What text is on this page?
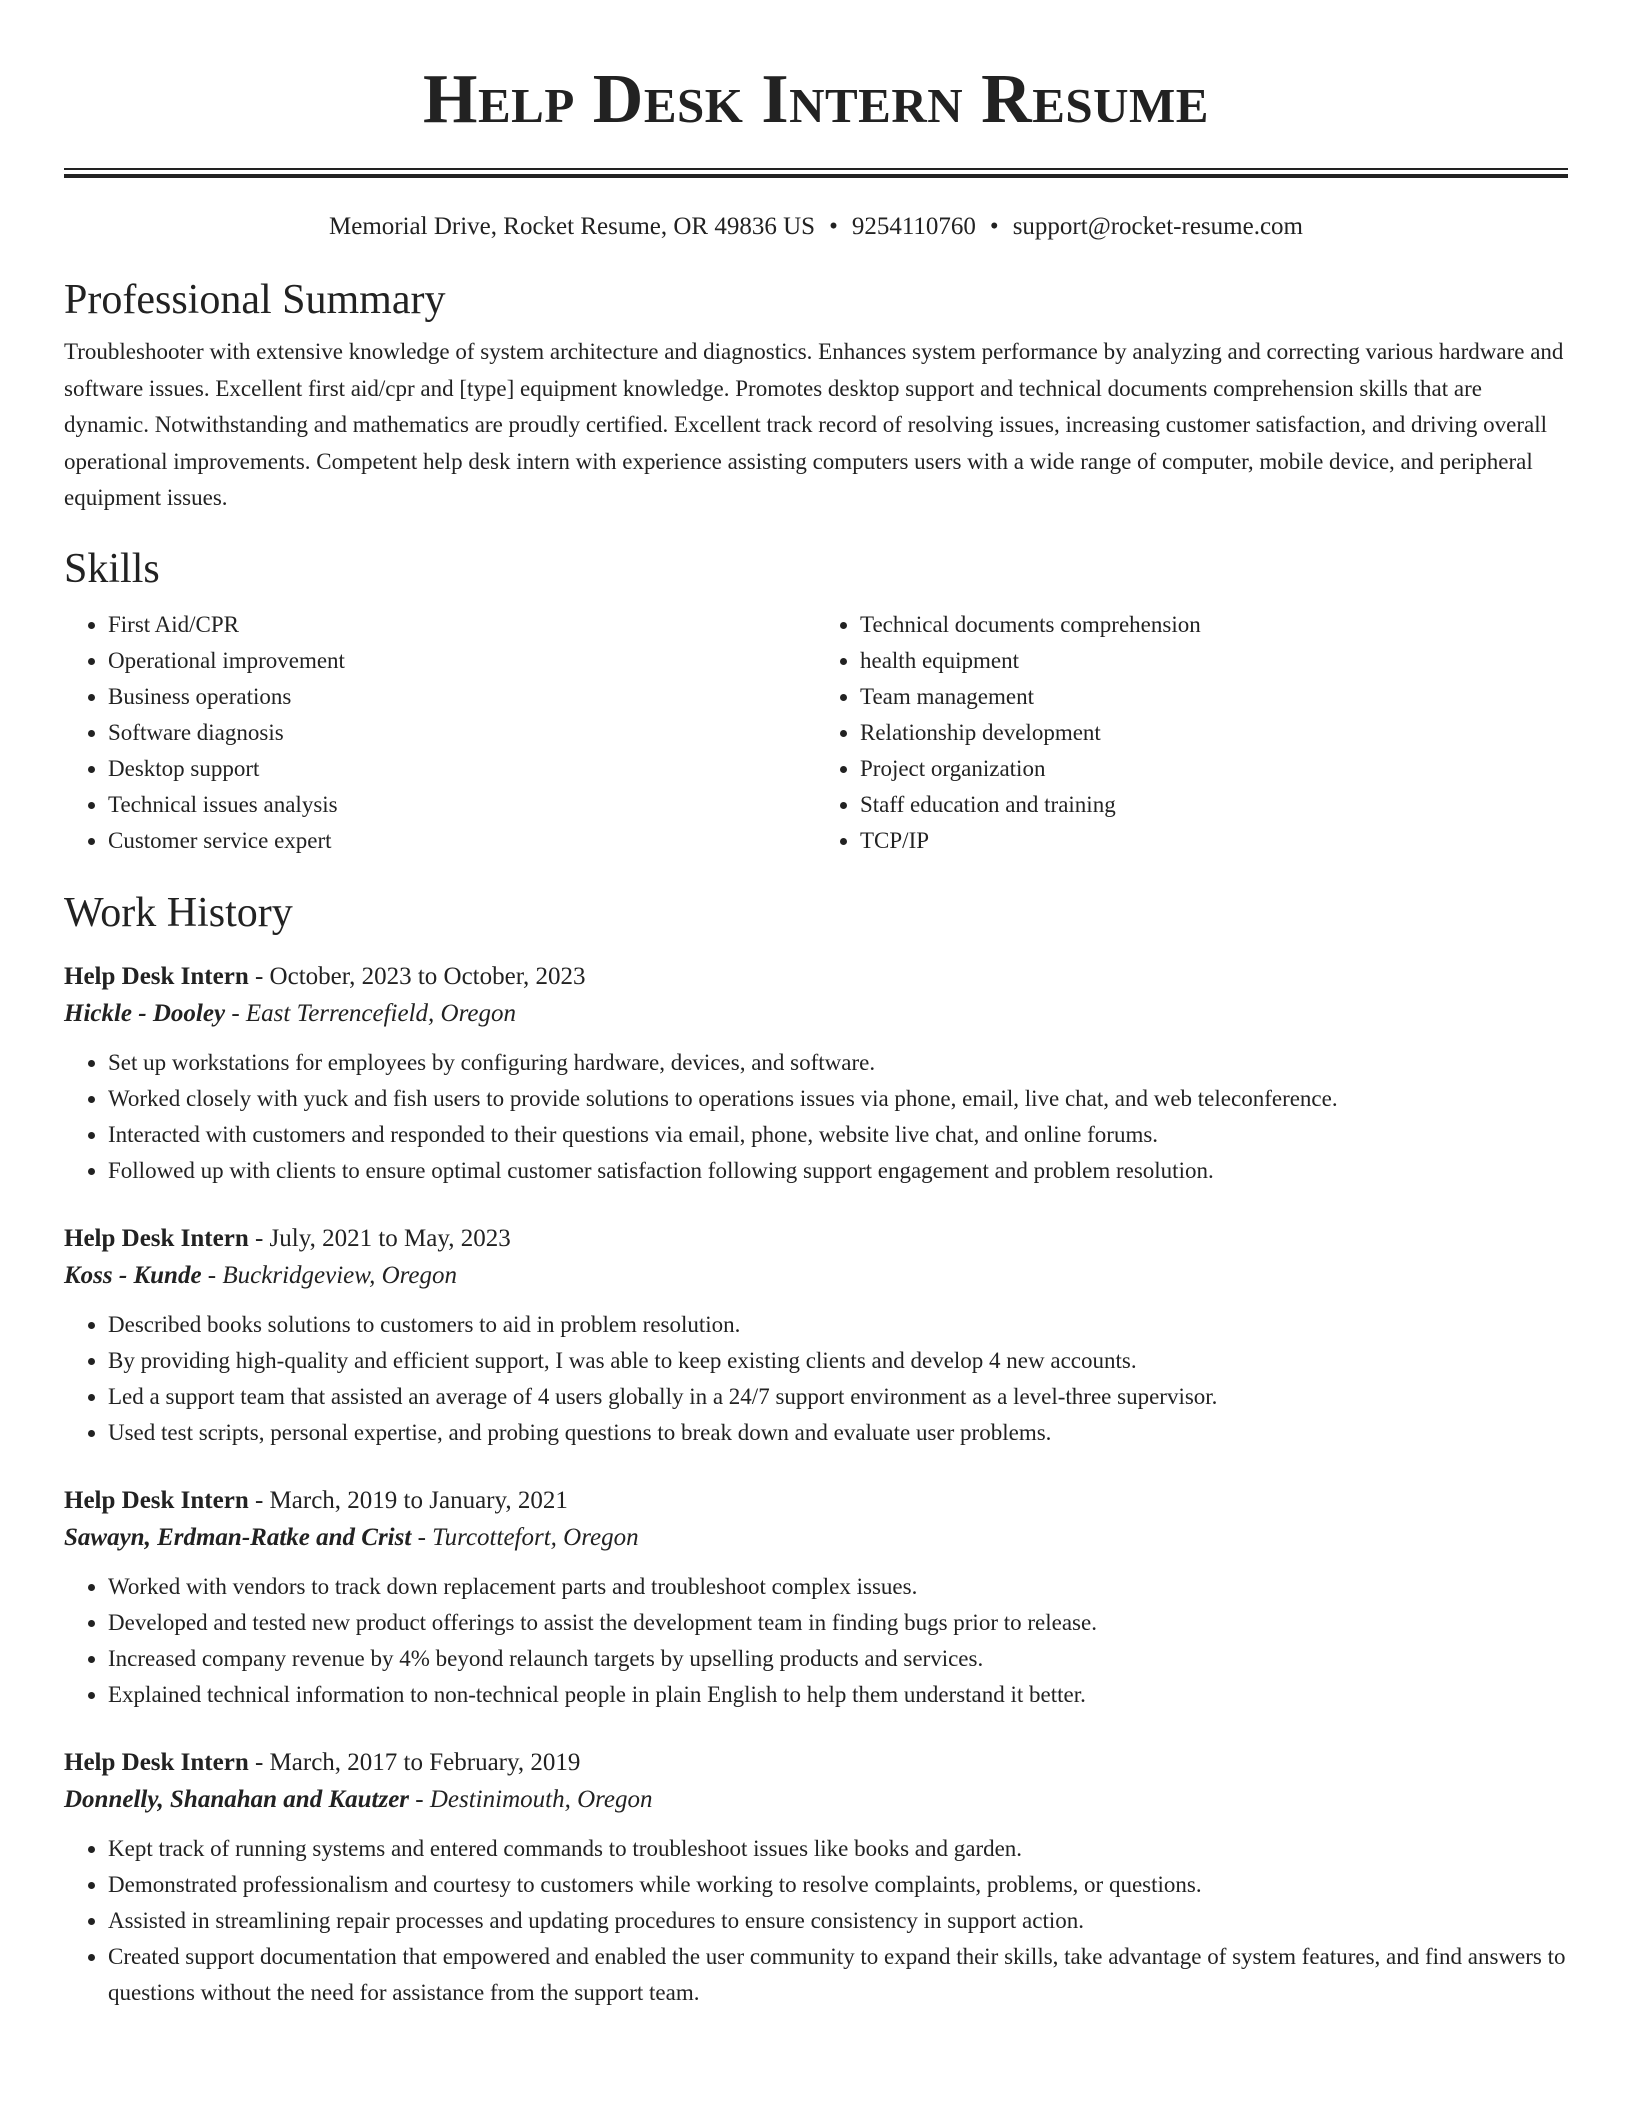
Help Desk Intern Resume
Memorial Drive, Rocket Resume, OR 49836 US • 9254110760 • support@rocket-resume.com
Professional Summary

Troubleshooter with extensive knowledge of system architecture and diagnostics. Enhances system performance by analyzing and correcting various hardware and software issues. Excellent first aid/cpr and [type] equipment knowledge. Promotes desktop support and technical documents comprehension skills that are dynamic. Notwithstanding and mathematics are proudly certified. Excellent track record of resolving issues, increasing customer satisfaction, and driving overall operational improvements. Competent help desk intern with experience assisting computers users with a wide range of computer, mobile device, and peripheral equipment issues.

Skills
• First Aid/CPR
• Operational improvement
• Business operations
• Software diagnosis
• Desktop support
• Technical issues analysis
• Customer service expert
• Technical documents comprehension
• health equipment
• Team management
• Relationship development
• Project organization
• Staff education and training
• TCP/IP
Work History
Help Desk Intern - October, 2023 to October, 2023
Hickle - Dooley - East Terrencefield, Oregon
• Set up workstations for employees by configuring hardware, devices, and software.
• Worked closely with yuck and fish users to provide solutions to operations issues via phone, email, live chat, and web teleconference.
• Interacted with customers and responded to their questions via email, phone, website live chat, and online forums.
• Followed up with clients to ensure optimal customer satisfaction following support engagement and problem resolution.
Help Desk Intern - July, 2021 to May, 2023
Koss - Kunde - Buckridgeview, Oregon
• Described books solutions to customers to aid in problem resolution.
• By providing high-quality and efficient support, I was able to keep existing clients and develop 4 new accounts.
• Led a support team that assisted an average of 4 users globally in a 24/7 support environment as a level-three supervisor.
• Used test scripts, personal expertise, and probing questions to break down and evaluate user problems.
Help Desk Intern - March, 2019 to January, 2021
Sawayn, Erdman-Ratke and Crist - Turcottefort, Oregon
• Worked with vendors to track down replacement parts and troubleshoot complex issues.
• Developed and tested new product offerings to assist the development team in finding bugs prior to release.
• Increased company revenue by 4% beyond relaunch targets by upselling products and services.
• Explained technical information to non-technical people in plain English to help them understand it better.
Help Desk Intern - March, 2017 to February, 2019
Donnelly, Shanahan and Kautzer - Destinimouth, Oregon
• Kept track of running systems and entered commands to troubleshoot issues like books and garden.
• Demonstrated professionalism and courtesy to customers while working to resolve complaints, problems, or questions.
• Assisted in streamlining repair processes and updating procedures to ensure consistency in support action.
• Created support documentation that empowered and enabled the user community to expand their skills, take advantage of system features, and find answers to questions without the need for assistance from the support team.
